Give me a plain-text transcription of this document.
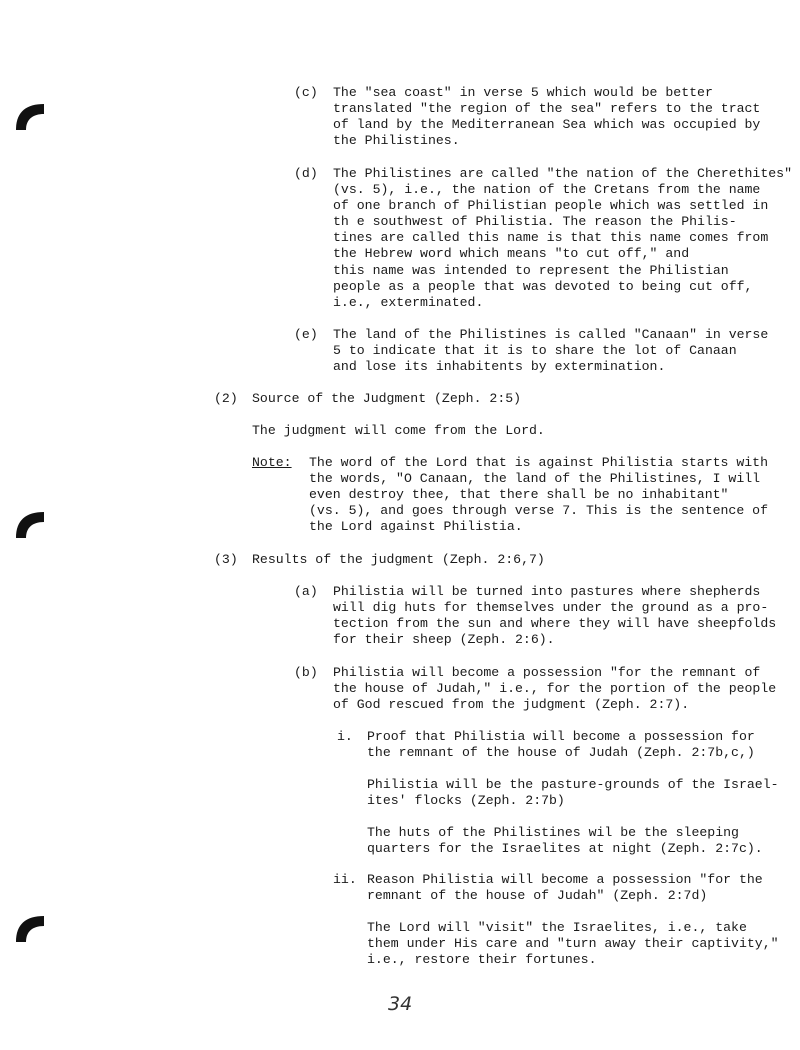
(c) The "sea coast" in verse 5 which would be better
translated "the region of the sea" refers to the tract
of land by the Mediterranean Sea which was occupied by
the Philistines.
(d) The Philistines are called "the nation of the Cherethites"
(vs. 5), i.e., the nation of the Cretans from the name
of one branch of Philistian people which was settled in
th e southwest of Philistia. The reason the Philis-
tines are called this name is that this name comes from
the Hebrew word which means "to cut off," and
this name was intended to represent the Philistian
people as a people that was devoted to being cut off,
i.e., exterminated.
(e) The land of the Philistines is called "Canaan" in verse
5 to indicate that it is to share the lot of Canaan
and lose its inhabitents by extermination.
(2) Source of the Judgment (Zeph. 2:5)
The judgment will come from the Lord.
Note: The word of the Lord that is against Philistia starts with
the words, "O Canaan, the land of the Philistines, I will
even destroy thee, that there shall be no inhabitant"
(vs. 5), and goes through verse 7. This is the sentence of
the Lord against Philistia.
(3) Results of the judgment (Zeph. 2:6,7)
(a) Philistia will be turned into pastures where shepherds
will dig huts for themselves under the ground as a pro-
tection from the sun and where they will have sheepfolds
for their sheep (Zeph. 2:6).
(b) Philistia will become a possession "for the remnant of
the house of Judah," i.e., for the portion of the people
of God rescued from the judgment (Zeph. 2:7).
i. Proof that Philistia will become a possession for
the remnant of the house of Judah (Zeph. 2:7b,c,)
Philistia will be the pasture-grounds of the Israel-
ites' flocks (Zeph. 2:7b)
The huts of the Philistines wil be the sleeping
quarters for the Israelites at night (Zeph. 2:7c).
ii. Reason Philistia will become a possession "for the
remnant of the house of Judah" (Zeph. 2:7d)
The Lord will "visit" the Israelites, i.e., take
them under His care and "turn away their captivity,"
i.e., restore their fortunes.
34
